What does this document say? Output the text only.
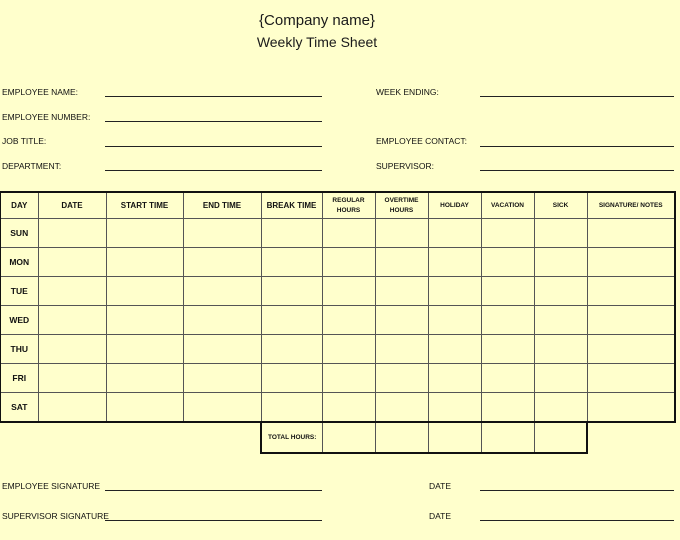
{Company name}
Weekly Time Sheet
EMPLOYEE NAME:
EMPLOYEE NUMBER:
JOB TITLE:
DEPARTMENT:
WEEK ENDING:
EMPLOYEE CONTACT:
SUPERVISOR:
DAY	DATE	START TIME	END TIME	BREAK TIME	REGULAR HOURS	OVERTIME HOURS	HOLIDAY	VACATION	SICK	SIGNATURE/ NOTES
SUN										
MON										
TUE										
WED										
THU										
FRI										
SAT										
				TOTAL HOURS:						
EMPLOYEE SIGNATURE	DATE
SUPERVISOR SIGNATURE	DATE
